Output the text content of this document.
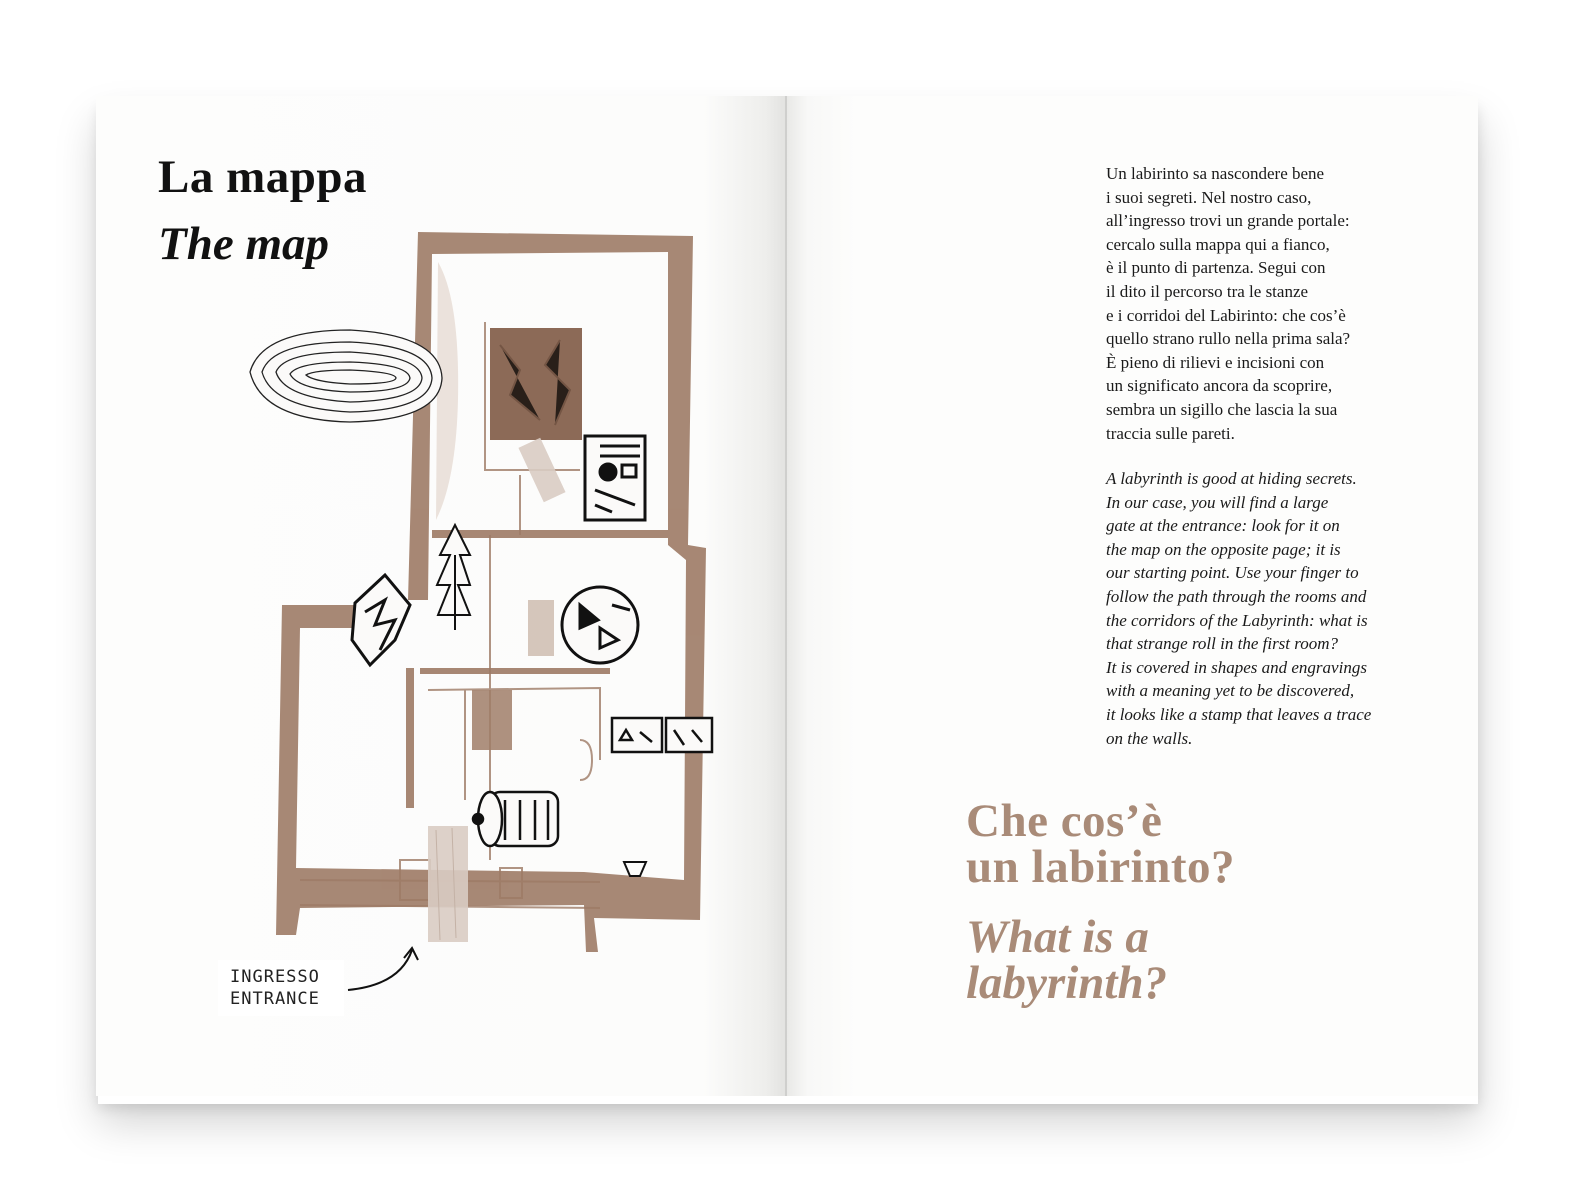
La mappa
The map
INGRESSO
ENTRANCE

Un labirinto sa nascondere bene
i suoi segreti. Nel nostro caso,
all’ingresso trovi un grande portale:
cercalo sulla mappa qui a fianco,
è il punto di partenza. Segui con
il dito il percorso tra le stanze
e i corridoi del Labirinto: che cos’è
quello strano rullo nella prima sala?
È pieno di rilievi e incisioni con
un significato ancora da scoprire,
sembra un sigillo che lascia la sua
traccia sulle pareti.

A labyrinth is good at hiding secrets.
In our case, you will find a large
gate at the entrance: look for it on
the map on the opposite page; it is
our starting point. Use your finger to
follow the path through the rooms and
the corridors of the Labyrinth: what is
that strange roll in the first room?
It is covered in shapes and engravings
with a meaning yet to be discovered,
it looks like a stamp that leaves a trace
on the walls.

Che cos’è
un labirinto?
What is a
labyrinth?
